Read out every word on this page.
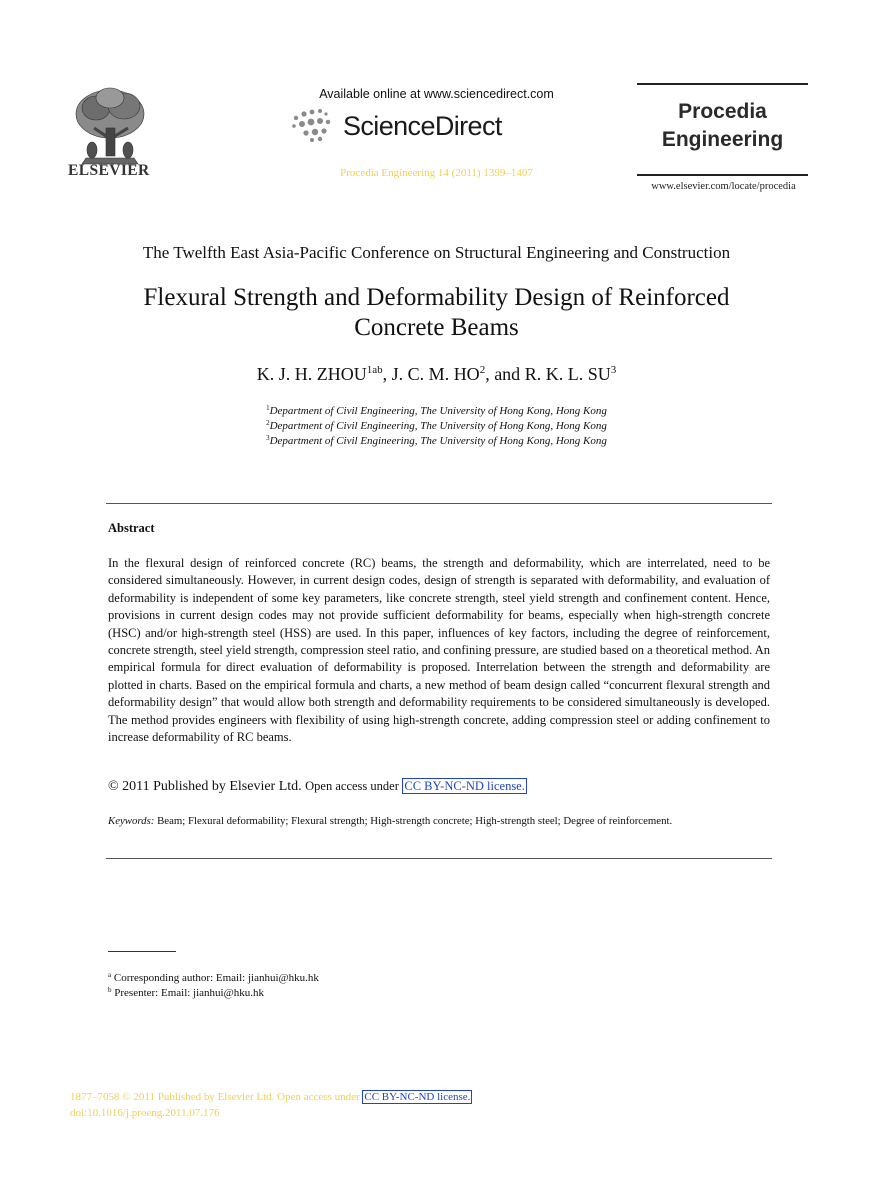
ELSEVIER
Available online at www.sciencedirect.com
ScienceDirect
Procedia Engineering 14 (2011) 1399–1407
Procedia
Engineering
www.elsevier.com/locate/procedia
The Twelfth East Asia-Pacific Conference on Structural Engineering and Construction
Flexural Strength and Deformability Design of Reinforced
Concrete Beams
K. J. H. $ZHOU^{1ab}$, J. C. M. $HO^2$, and R. K. L. $SU^3$
$^1$Department of Civil Engineering, The University of Hong Kong, Hong Kong
$^2$Department of Civil Engineering, The University of Hong Kong, Hong Kong
$^3$Department of Civil Engineering, The University of Hong Kong, Hong Kong
Abstract
In the flexural design of reinforced concrete (RC) beams, the strength and deformability, which are interrelated, need to be considered simultaneously. However, in current design codes, design of strength is separated with deformability, and evaluation of deformability is independent of some key parameters, like concrete strength, steel yield strength and confinement content. Hence, provisions in current design codes may not provide sufficient deformability for beams, especially when high-strength concrete (HSC) and/or high-strength steel (HSS) are used. In this paper, influences of key factors, including the degree of reinforcement, concrete strength, steel yield strength, compression steel ratio, and confining pressure, are studied based on a theoretical method. An empirical formula for direct evaluation of deformability is proposed. Interrelation between the strength and deformability are plotted in charts. Based on the empirical formula and charts, a new method of beam design called “concurrent flexural strength and deformability design” that would allow both strength and deformability requirements to be considered simultaneously is developed. The method provides engineers with flexibility of using high-strength concrete, adding compression steel or adding confinement to increase deformability of RC beams.
© 2011 Published by Elsevier Ltd. Open access under CC BY-NC-ND license.
Keywords: Beam; Flexural deformability; Flexural strength; High-strength concrete; High-strength steel; Degree of reinforcement.
$^a$ Corresponding author: Email: jianhui@hku.hk
$^b$ Presenter: Email: jianhui@hku.hk
1877–7058 © 2011 Published by Elsevier Ltd. Open access under CC BY-NC-ND license.
doi:10.1016/j.proeng.2011.07.176
